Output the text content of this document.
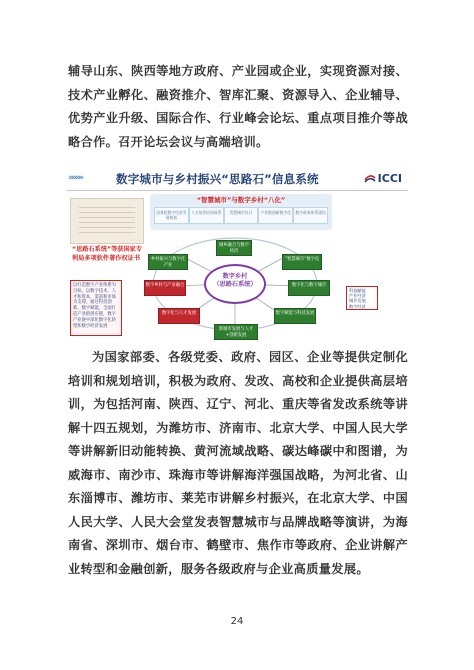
辅导山东、陕西等地方政府、产业园或企业，实现资源对接、技术产业孵化、融资推介、智库汇聚、资源导入、企业辅导、优势产业升级、国际合作、行业峰会论坛、重点项目推介等战略合作。召开论坛会议与高端培训。
»»»»	数字城市与乡村振兴“思路石”信息系统	ICCI
“思路石系统”等获国家专利局多项软件著作权证书
以打造数字产业体系为目标，以数字技术、人才和资本、渠道和市场为支撑，通过科技创新、数字赋能，全面打造产业链供应链，数字产业链中深化数字化转型和数字经济发展
“智慧城市”与数字乡村“八化”
国务院数字经济发展规划
人才培养培训体系	智慧城市设计	产业链创新数字化	数字政务体系建设
城乡融合与数字经济
乡村振兴与数字化产业
“智慧城市”数字化
数字乡村与产业融合	数字化与数字城市
数字化与人才发展	数字赋能与科技发展
新城市发展与人才+创新发展
数字乡村
（思路石系统）
科技赋能
产业经济
城乡发展
数字经济
为国家部委、各级党委、政府、园区、企业等提供定制化培训和规划培训，积极为政府、发改、高校和企业提供高层培训，为包括河南、陕西、辽宁、河北、重庆等省发改系统等讲解十四五规划，为潍坊市、济南市、北京大学、中国人民大学等讲解新旧动能转换、黄河流域战略、碳达峰碳中和图谱，为威海市、南沙市、珠海市等讲解海洋强国战略，为河北省、山东淄博市、潍坊市、莱芜市讲解乡村振兴，在北京大学、中国人民大学、人民大会堂发表智慧城市与品牌战略等演讲，为海南省、深圳市、烟台市、鹤壁市、焦作市等政府、企业讲解产业转型和金融创新，服务各级政府与企业高质量发展。
24
